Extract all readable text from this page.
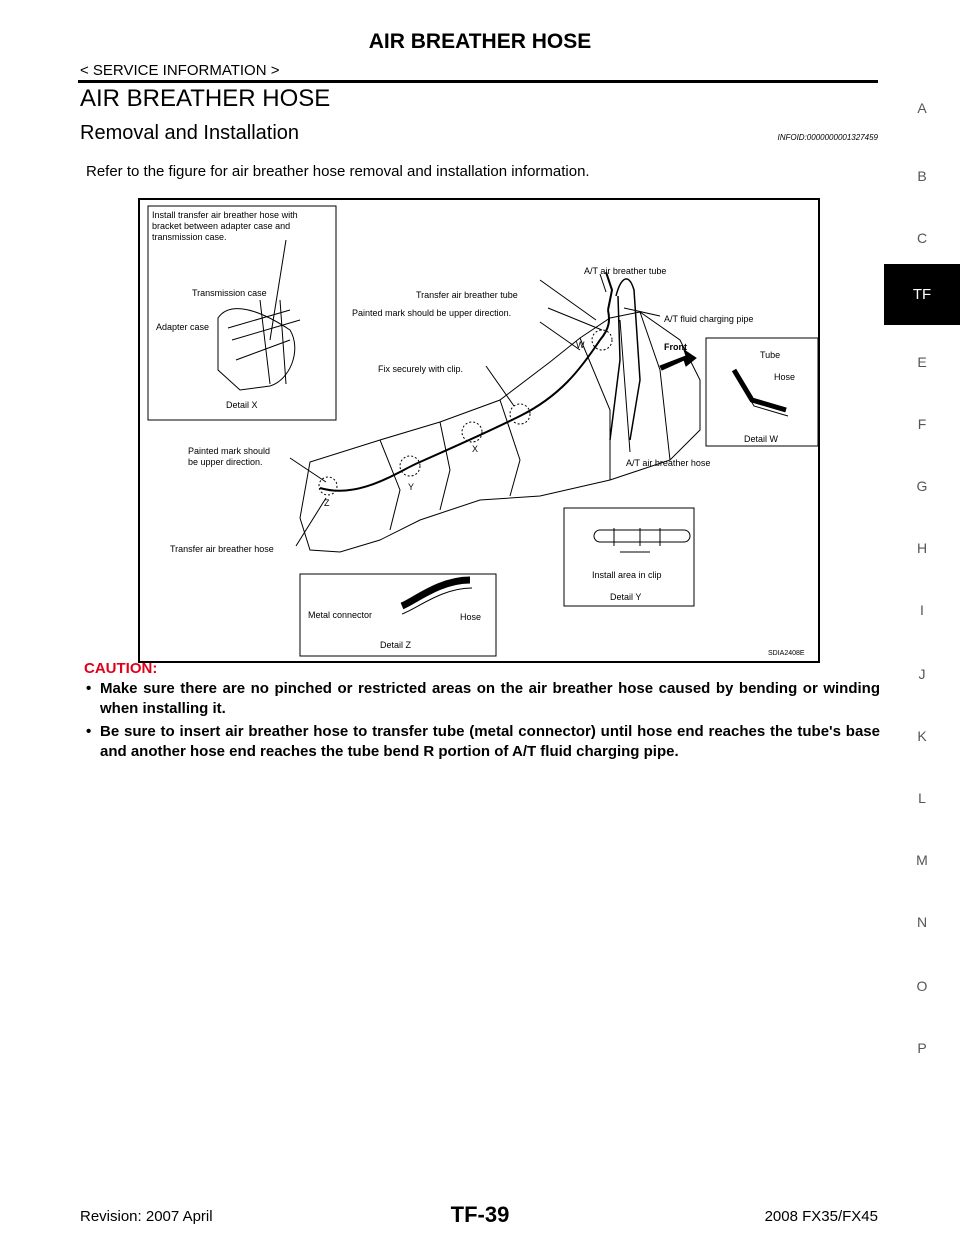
AIR BREATHER HOSE
< SERVICE INFORMATION >
AIR BREATHER HOSE
Removal and Installation	INFOID:0000000001327459
Refer to the figure for air breather hose removal and installation information.
Install transfer air breather hose with
bracket between adapter case and
transmission case.
Transmission case
Adapter case
Detail X
A/T air breather tube
Transfer air breather tube
Painted mark should be upper direction.
A/T fluid charging pipe
Front
Fix securely with clip.
Tube
Hose
Detail W
Painted mark should
be upper direction.	A/T air breather hose
W
X
Y
Z
Transfer air breather hose
Install area in clip
Detail Y
Metal connector	Hose
Detail Z
SDIA2408E
CAUTION:
• Make sure there are no pinched or restricted areas on the air breather hose caused by bending or winding when installing it.
• Be sure to insert air breather hose to transfer tube (metal connector) until hose end reaches the tube's base and another hose end reaches the tube bend R portion of A/T fluid charging pipe.
A
B
C
TF
E
F
G
H
I
J
K
L
M
N
O
P
Revision: 2007 April	TF-39	2008 FX35/FX45
